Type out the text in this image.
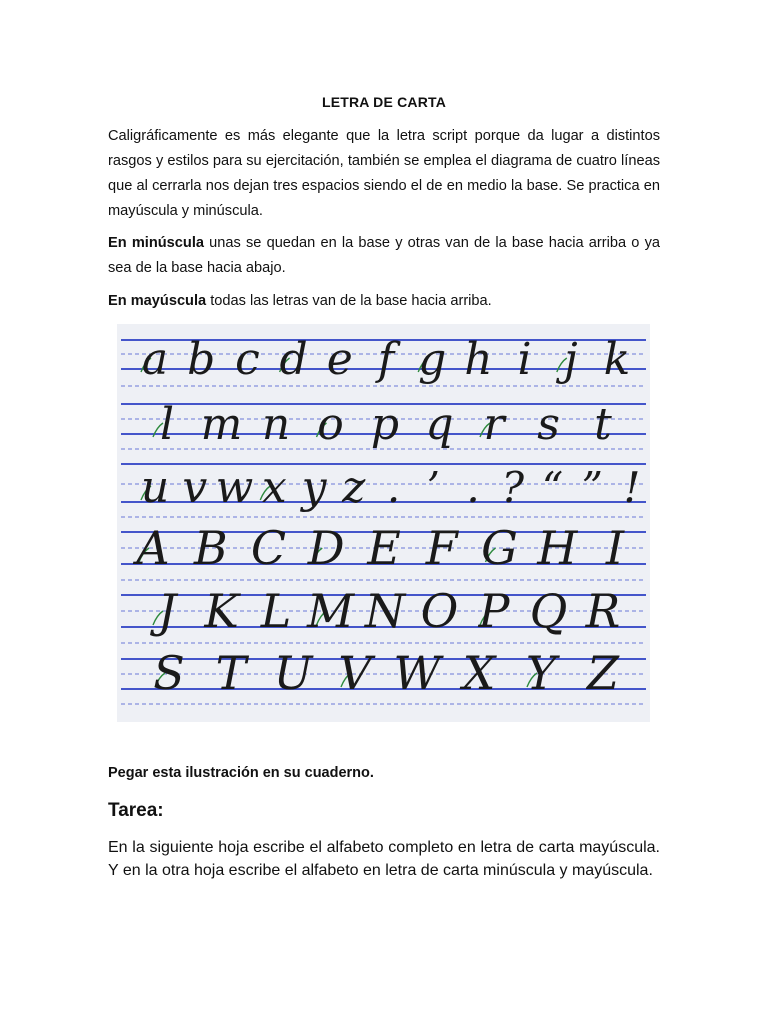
LETRA DE CARTA
Caligráficamente es más elegante que la letra script porque da lugar a distintos rasgos y estilos para su ejercitación, también se emplea el diagrama de cuatro líneas que al cerrarla nos dejan tres espacios siendo el de en medio la base. Se practica en mayúscula y minúscula.
En minúscula unas se quedan en la base y otras van de la base hacia arriba o ya sea de la base hacia abajo.
En mayúscula todas las letras van de la base hacia arriba.
a b c d e f g h i j k
l m n o p q r s t
u v w x y z . ’ . ? “ ” !
A B C D E F G H I
J K L M N O P Q R
S T U V W X Y Z
Pegar esta ilustración en su cuaderno.
Tarea:
En la siguiente hoja escribe el alfabeto completo en letra de carta mayúscula. Y en la otra hoja escribe el alfabeto en letra de carta minúscula y mayúscula.
